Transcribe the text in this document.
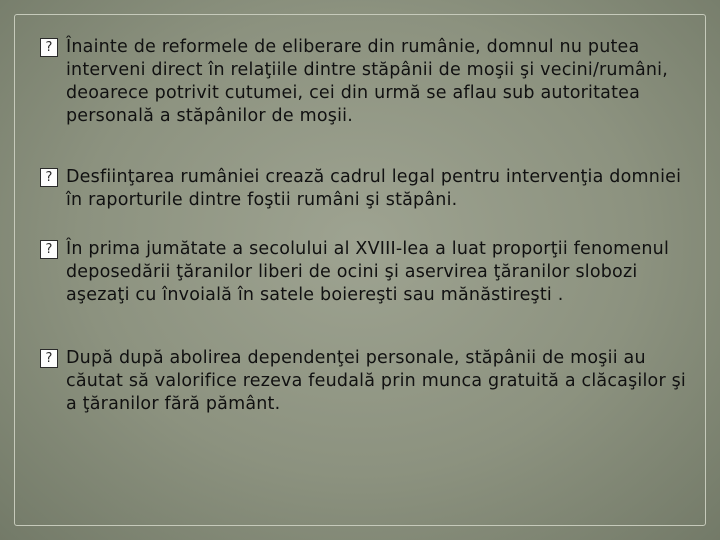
? Înainte de reformele de eliberare din rumânie, domnul nu putea interveni direct în relaţiile dintre stăpânii de moşii şi vecini/rumâni, deoarece potrivit cutumei, cei din urmă se aflau sub autoritatea personală a stăpânilor de moşii.
? Desfiinţarea rumâniei crează cadrul legal pentru intervenţia domniei în raporturile dintre foştii rumâni şi stăpâni.
? În prima jumătate a secolului al XVIII-lea a luat proporţii fenomenul deposedării ţăranilor liberi de ocini şi aservirea ţăranilor slobozi aşezaţi cu învoială în satele boiereşti sau mănăstireşti .
? După după abolirea dependenţei personale, stăpânii de moşii au căutat să valorifice rezeva feudală prin munca gratuită a clăcaşilor şi a ţăranilor fără pământ.
